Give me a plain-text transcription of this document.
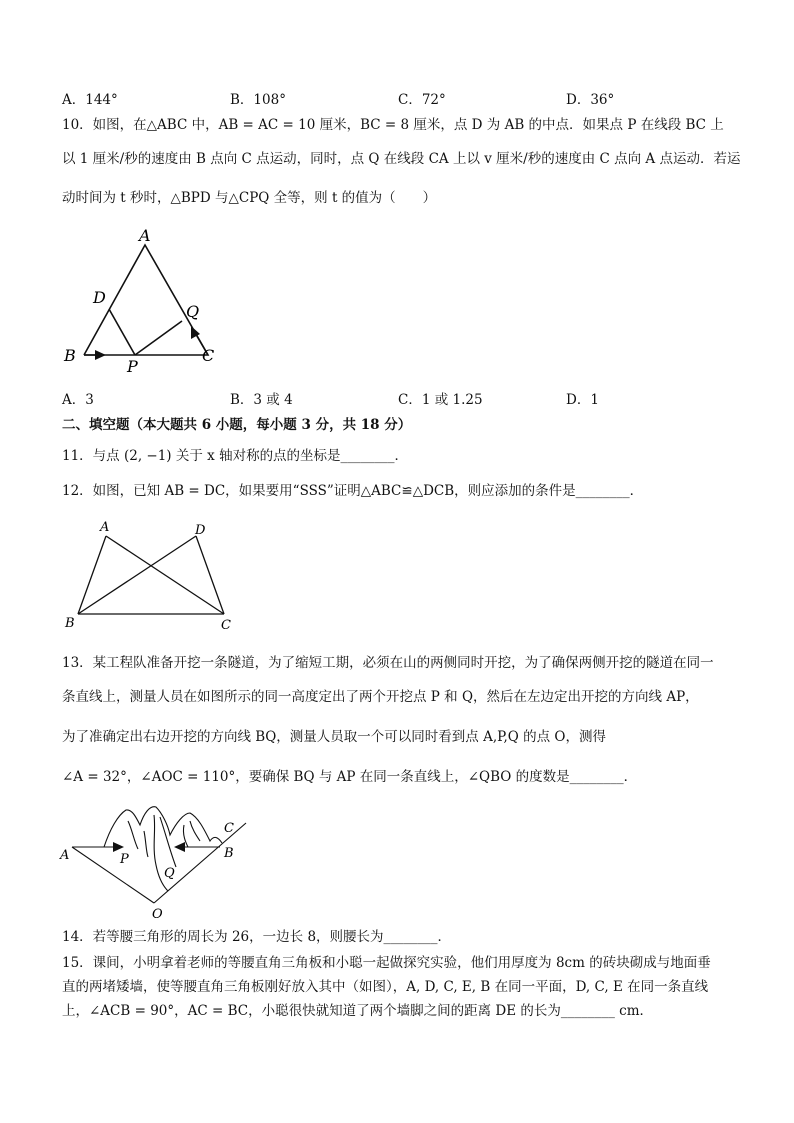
A．144°	B．108°	C．72°	D．36°
10．如图，在△ABC 中，AB = AC = 10 厘米，BC = 8 厘米，点 D 为 AB 的中点．如果点 P 在线段 BC 上
以 1 厘米/秒的速度由 B 点向 C 点运动，同时，点 Q 在线段 CA 上以 v 厘米/秒的速度由 C 点向 A 点运动．若运
动时间为 t 秒时，△BPD 与△CPQ 全等，则 t 的值为（　　）
A
D
Q
B	C
P
A．3	B．3 或 4	C．1 或 1.25	D．1
二、填空题（本大题共 6 小题，每小题 3 分，共 18 分）
11．与点 (2, −1) 关于 x 轴对称的点的坐标是________．
12．如图，已知 AB = DC，如果要用“SSS”证明△ABC≌△DCB，则应添加的条件是________．
A	D
B	C
13．某工程队准备开挖一条隧道，为了缩短工期，必须在山的两侧同时开挖，为了确保两侧开挖的隧道在同一
条直线上，测量人员在如图所示的同一高度定出了两个开挖点 P 和 Q，然后在左边定出开挖的方向线 AP，
为了准确定出右边开挖的方向线 BQ，测量人员取一个可以同时看到点 A,P,Q 的点 O，测得
∠A = 32°，∠AOC = 110°，要确保 BQ 与 AP 在同一条直线上，∠QBO 的度数是________．
A	P
Q
B
C
O
14．若等腰三角形的周长为 26，一边长 8，则腰长为________．
15．课间，小明拿着老师的等腰直角三角板和小聪一起做探究实验，他们用厚度为 8cm 的砖块砌成与地面垂
直的两堵矮墙，使等腰直角三角板刚好放入其中（如图），A, D, C, E, B 在同一平面，D, C, E 在同一条直线
上，∠ACB = 90°，AC = BC，小聪很快就知道了两个墙脚之间的距离 DE 的长为________ cm．
